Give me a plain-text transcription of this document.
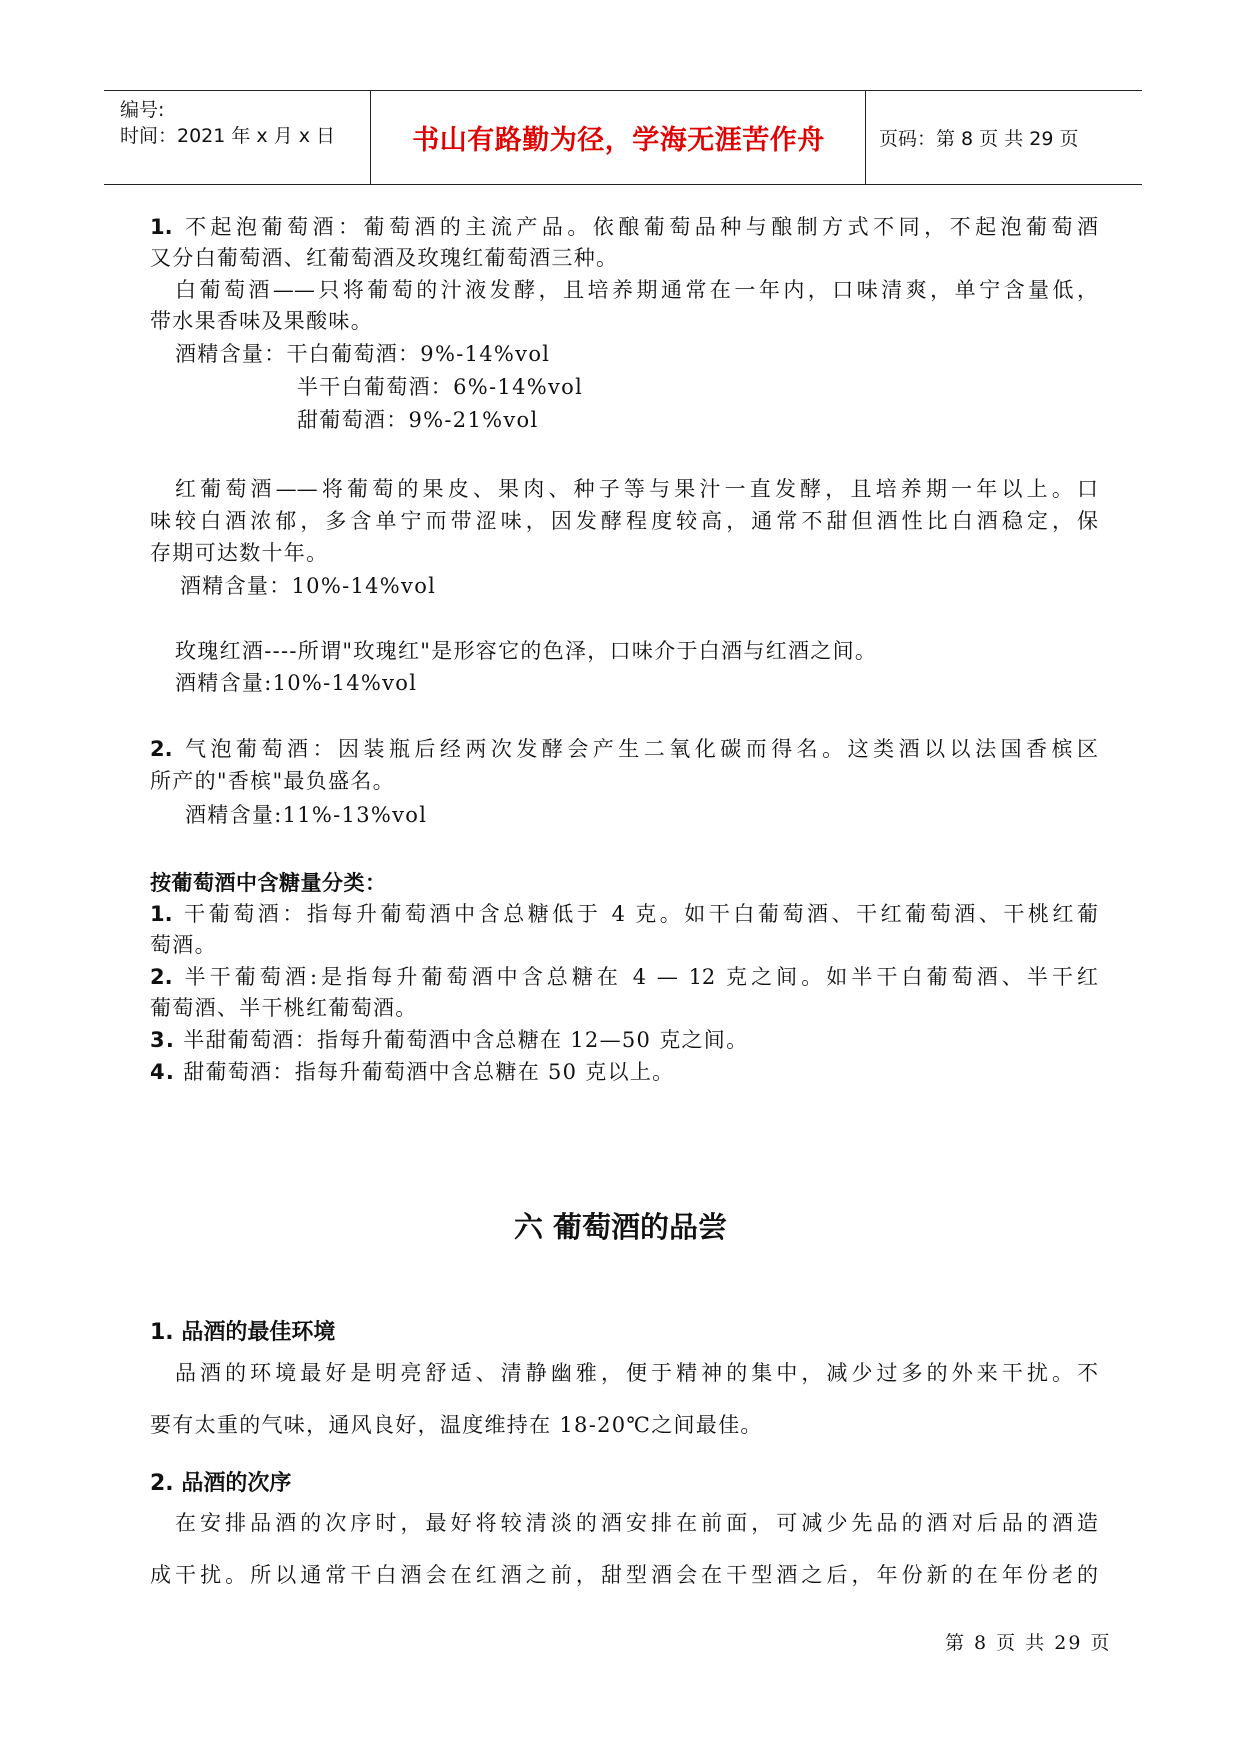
编号:
时间：2021 年 x 月 x 日	书山有路勤为径，学海无涯苦作舟	页码：第 8 页 共 29 页
1. 不起泡葡萄酒：葡萄酒的主流产品。依酿葡萄品种与酿制方式不同，不起泡葡萄酒
又分白葡萄酒、红葡萄酒及玫瑰红葡萄酒三种。
白葡萄酒——只将葡萄的汁液发酵，且培养期通常在一年内，口味清爽，单宁含量低，
带水果香味及果酸味。
酒精含量：干白葡萄酒：9%-14%vol
半干白葡萄酒：6%-14%vol
甜葡萄酒：9%-21%vol
红葡萄酒——将葡萄的果皮、果肉、种子等与果汁一直发酵，且培养期一年以上。口
味较白酒浓郁，多含单宁而带涩味，因发酵程度较高，通常不甜但酒性比白酒稳定，保
存期可达数十年。
酒精含量：10%-14%vol
玫瑰红酒----所谓"玫瑰红"是形容它的色泽，口味介于白酒与红酒之间。
酒精含量:10%-14%vol
2. 气泡葡萄酒：因装瓶后经两次发酵会产生二氧化碳而得名。这类酒以以法国香槟区
所产的"香槟"最负盛名。
酒精含量:11%-13%vol
按葡萄酒中含糖量分类：
1. 干葡萄酒：指每升葡萄酒中含总糖低于 4 克。如干白葡萄酒、干红葡萄酒、干桃红葡
萄酒。
2. 半干葡萄酒:是指每升葡萄酒中含总糖在 4 — 12 克之间。如半干白葡萄酒、半干红
葡萄酒、半干桃红葡萄酒。
3. 半甜葡萄酒：指每升葡萄酒中含总糖在 12—50 克之间。
4. 甜葡萄酒：指每升葡萄酒中含总糖在 50 克以上。
六 葡萄酒的品尝
1. 品酒的最佳环境
品酒的环境最好是明亮舒适、清静幽雅，便于精神的集中，减少过多的外来干扰。不
要有太重的气味，通风良好，温度维持在 18-20℃之间最佳。
2. 品酒的次序
在安排品酒的次序时，最好将较清淡的酒安排在前面，可减少先品的酒对后品的酒造
成干扰。所以通常干白酒会在红酒之前，甜型酒会在干型酒之后，年份新的在年份老的
第 8 页 共 29 页
